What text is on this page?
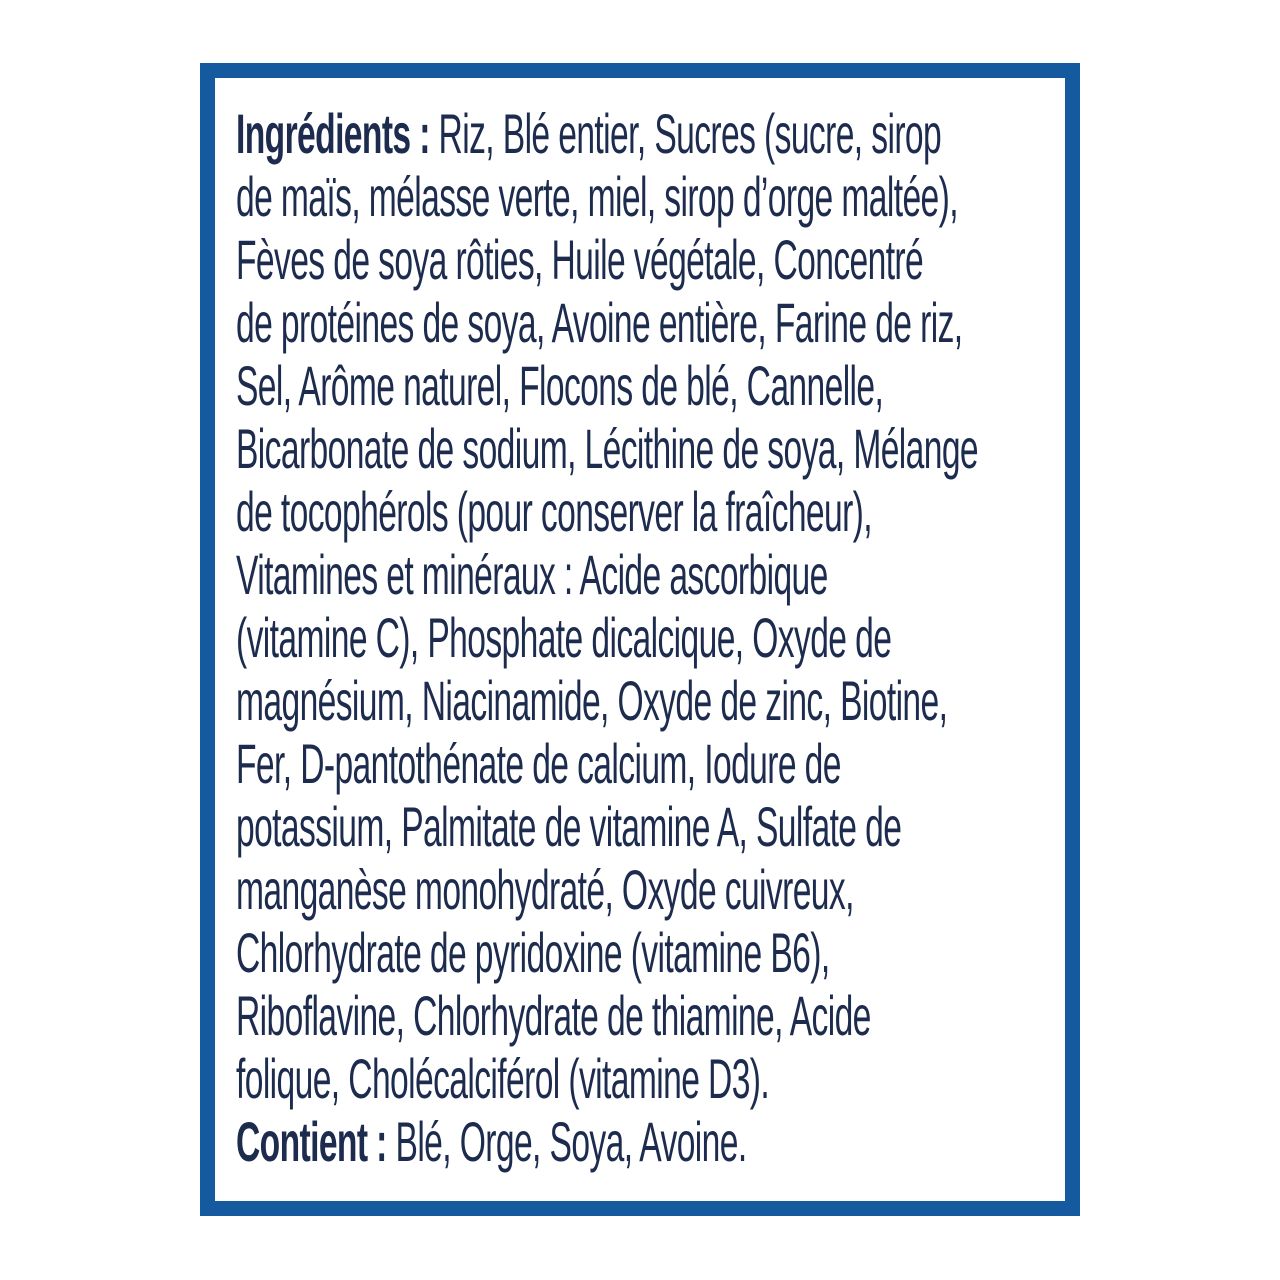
Ingrédients : Riz, Blé entier, Sucres (sucre, sirop
de maïs, mélasse verte, miel, sirop d’orge maltée),
Fèves de soya rôties, Huile végétale, Concentré
de protéines de soya, Avoine entière, Farine de riz,
Sel, Arôme naturel, Flocons de blé, Cannelle,
Bicarbonate de sodium, Lécithine de soya, Mélange
de tocophérols (pour conserver la fraîcheur),
Vitamines et minéraux : Acide ascorbique
(vitamine C), Phosphate dicalcique, Oxyde de
magnésium, Niacinamide, Oxyde de zinc, Biotine,
Fer, D-pantothénate de calcium, Iodure de
potassium, Palmitate de vitamine A, Sulfate de
manganèse monohydraté, Oxyde cuivreux,
Chlorhydrate de pyridoxine (vitamine B6),
Riboflavine, Chlorhydrate de thiamine, Acide
folique, Cholécalciférol (vitamine D3).
Contient : Blé, Orge, Soya, Avoine.
